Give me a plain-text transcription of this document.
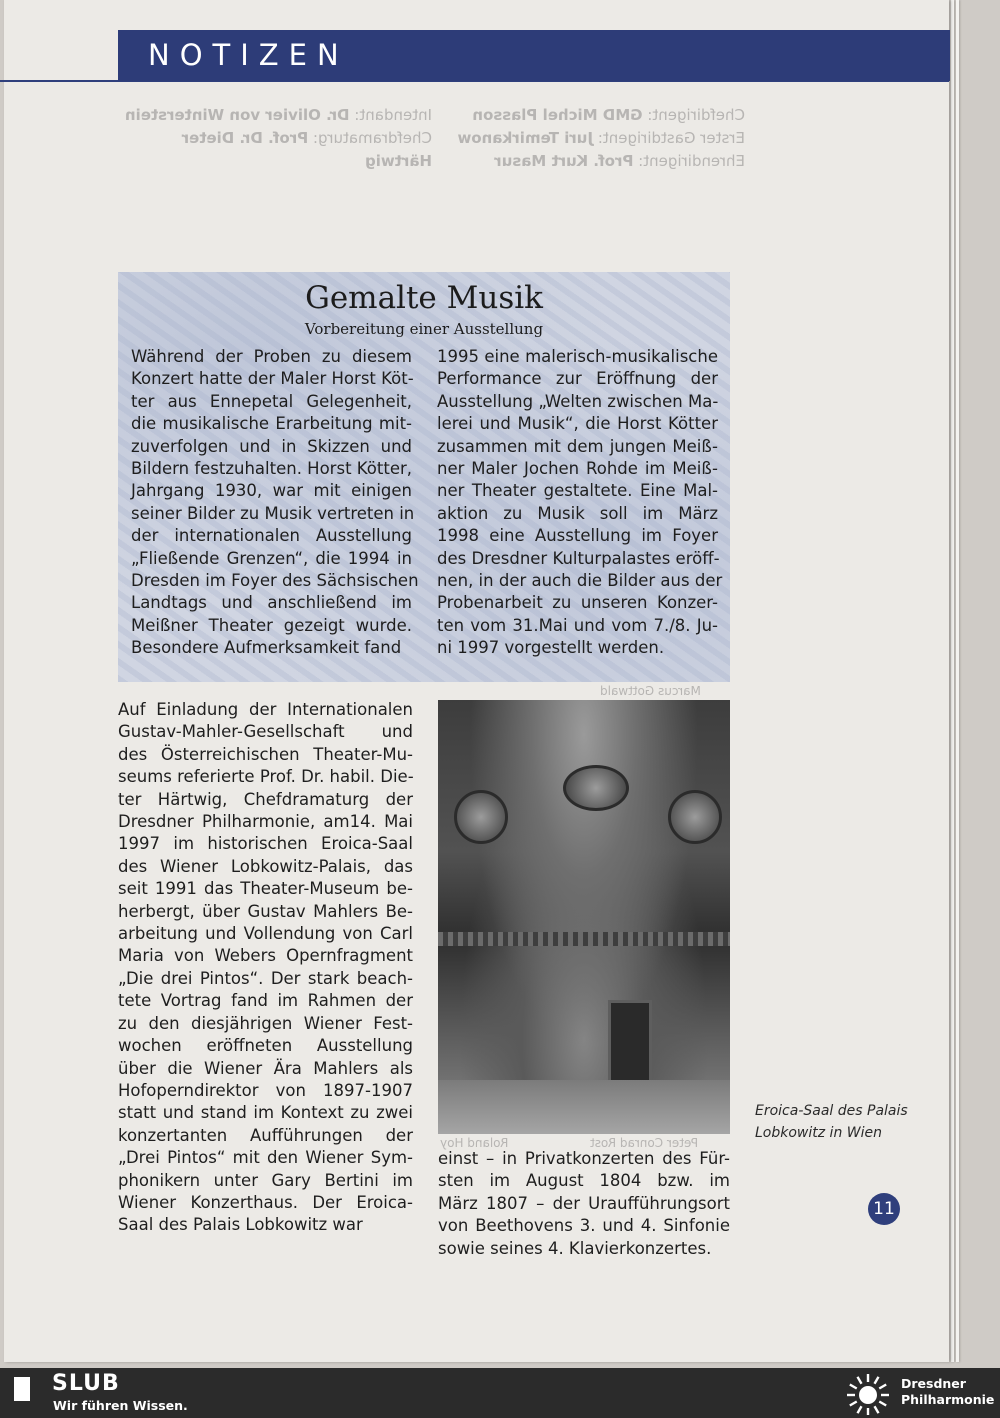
NOTIZEN
Chefdirigent: GMD Michel Plasson
Erster Gastdirigent: Juri Temirkanow
Ehrendirigent: Prof. Kurt Masur
Intendant: Dr. Olivier von Winterstein
Chefdramaturg: Prof. Dr. Dieter Härtwig
Marcus Gottwald
Roland Hoy	Peter Conrad Rost
Gemalte Musik
Vorbereitung einer Ausstellung
Während der Proben zu diesem
Konzert hatte der Maler Horst Köt-
ter aus Ennepetal Gelegenheit,
die musikalische Erarbeitung mit-
zuverfolgen und in Skizzen und
Bildern festzuhalten. Horst Kötter,
Jahrgang 1930, war mit einigen
seiner Bilder zu Musik vertreten in
der internationalen Ausstellung
„Fließende Grenzen“, die 1994 in
Dresden im Foyer des Sächsischen
Landtags und anschließend im
Meißner Theater gezeigt wurde.
Besondere Aufmerksamkeit fand
1995 eine malerisch-musikalische
Performance zur Eröffnung der
Ausstellung „Welten zwischen Ma-
lerei und Musik“, die Horst Kötter
zusammen mit dem jungen Meiß-
ner Maler Jochen Rohde im Meiß-
ner Theater gestaltete. Eine Mal-
aktion zu Musik soll im März
1998 eine Ausstellung im Foyer
des Dresdner Kulturpalastes eröff-
nen, in der auch die Bilder aus der
Probenarbeit zu unseren Konzer-
ten vom 31.Mai und vom 7./8. Ju-
ni 1997 vorgestellt werden.
Auf Einladung der Internationalen
Gustav-Mahler-Gesellschaft und
des Österreichischen Theater-Mu-
seums referierte Prof. Dr. habil. Die-
ter Härtwig, Chefdramaturg der
Dresdner Philharmonie, am14. Mai
1997 im historischen Eroica-Saal
des Wiener Lobkowitz-Palais, das
seit 1991 das Theater-Museum be-
herbergt, über Gustav Mahlers Be-
arbeitung und Vollendung von Carl
Maria von Webers Opernfragment
„Die drei Pintos“. Der stark beach-
tete Vortrag fand im Rahmen der
zu den diesjährigen Wiener Fest-
wochen eröffneten Ausstellung
über die Wiener Ära Mahlers als
Hofoperndirektor von 1897-1907
statt und stand im Kontext zu zwei
konzertanten Aufführungen der
„Drei Pintos“ mit den Wiener Sym-
phonikern unter Gary Bertini im
Wiener Konzerthaus. Der Eroica-
Saal des Palais Lobkowitz war
einst – in Privatkonzerten des Für-
sten im August 1804 bzw. im
März 1807 – der Uraufführungsort
von Beethovens 3. und 4. Sinfonie
sowie seines 4. Klavierkonzertes.
Eroica-Saal des Palais
Lobkowitz in Wien
11
SLUB
Wir führen Wissen.
Dresdner
Philharmonie
